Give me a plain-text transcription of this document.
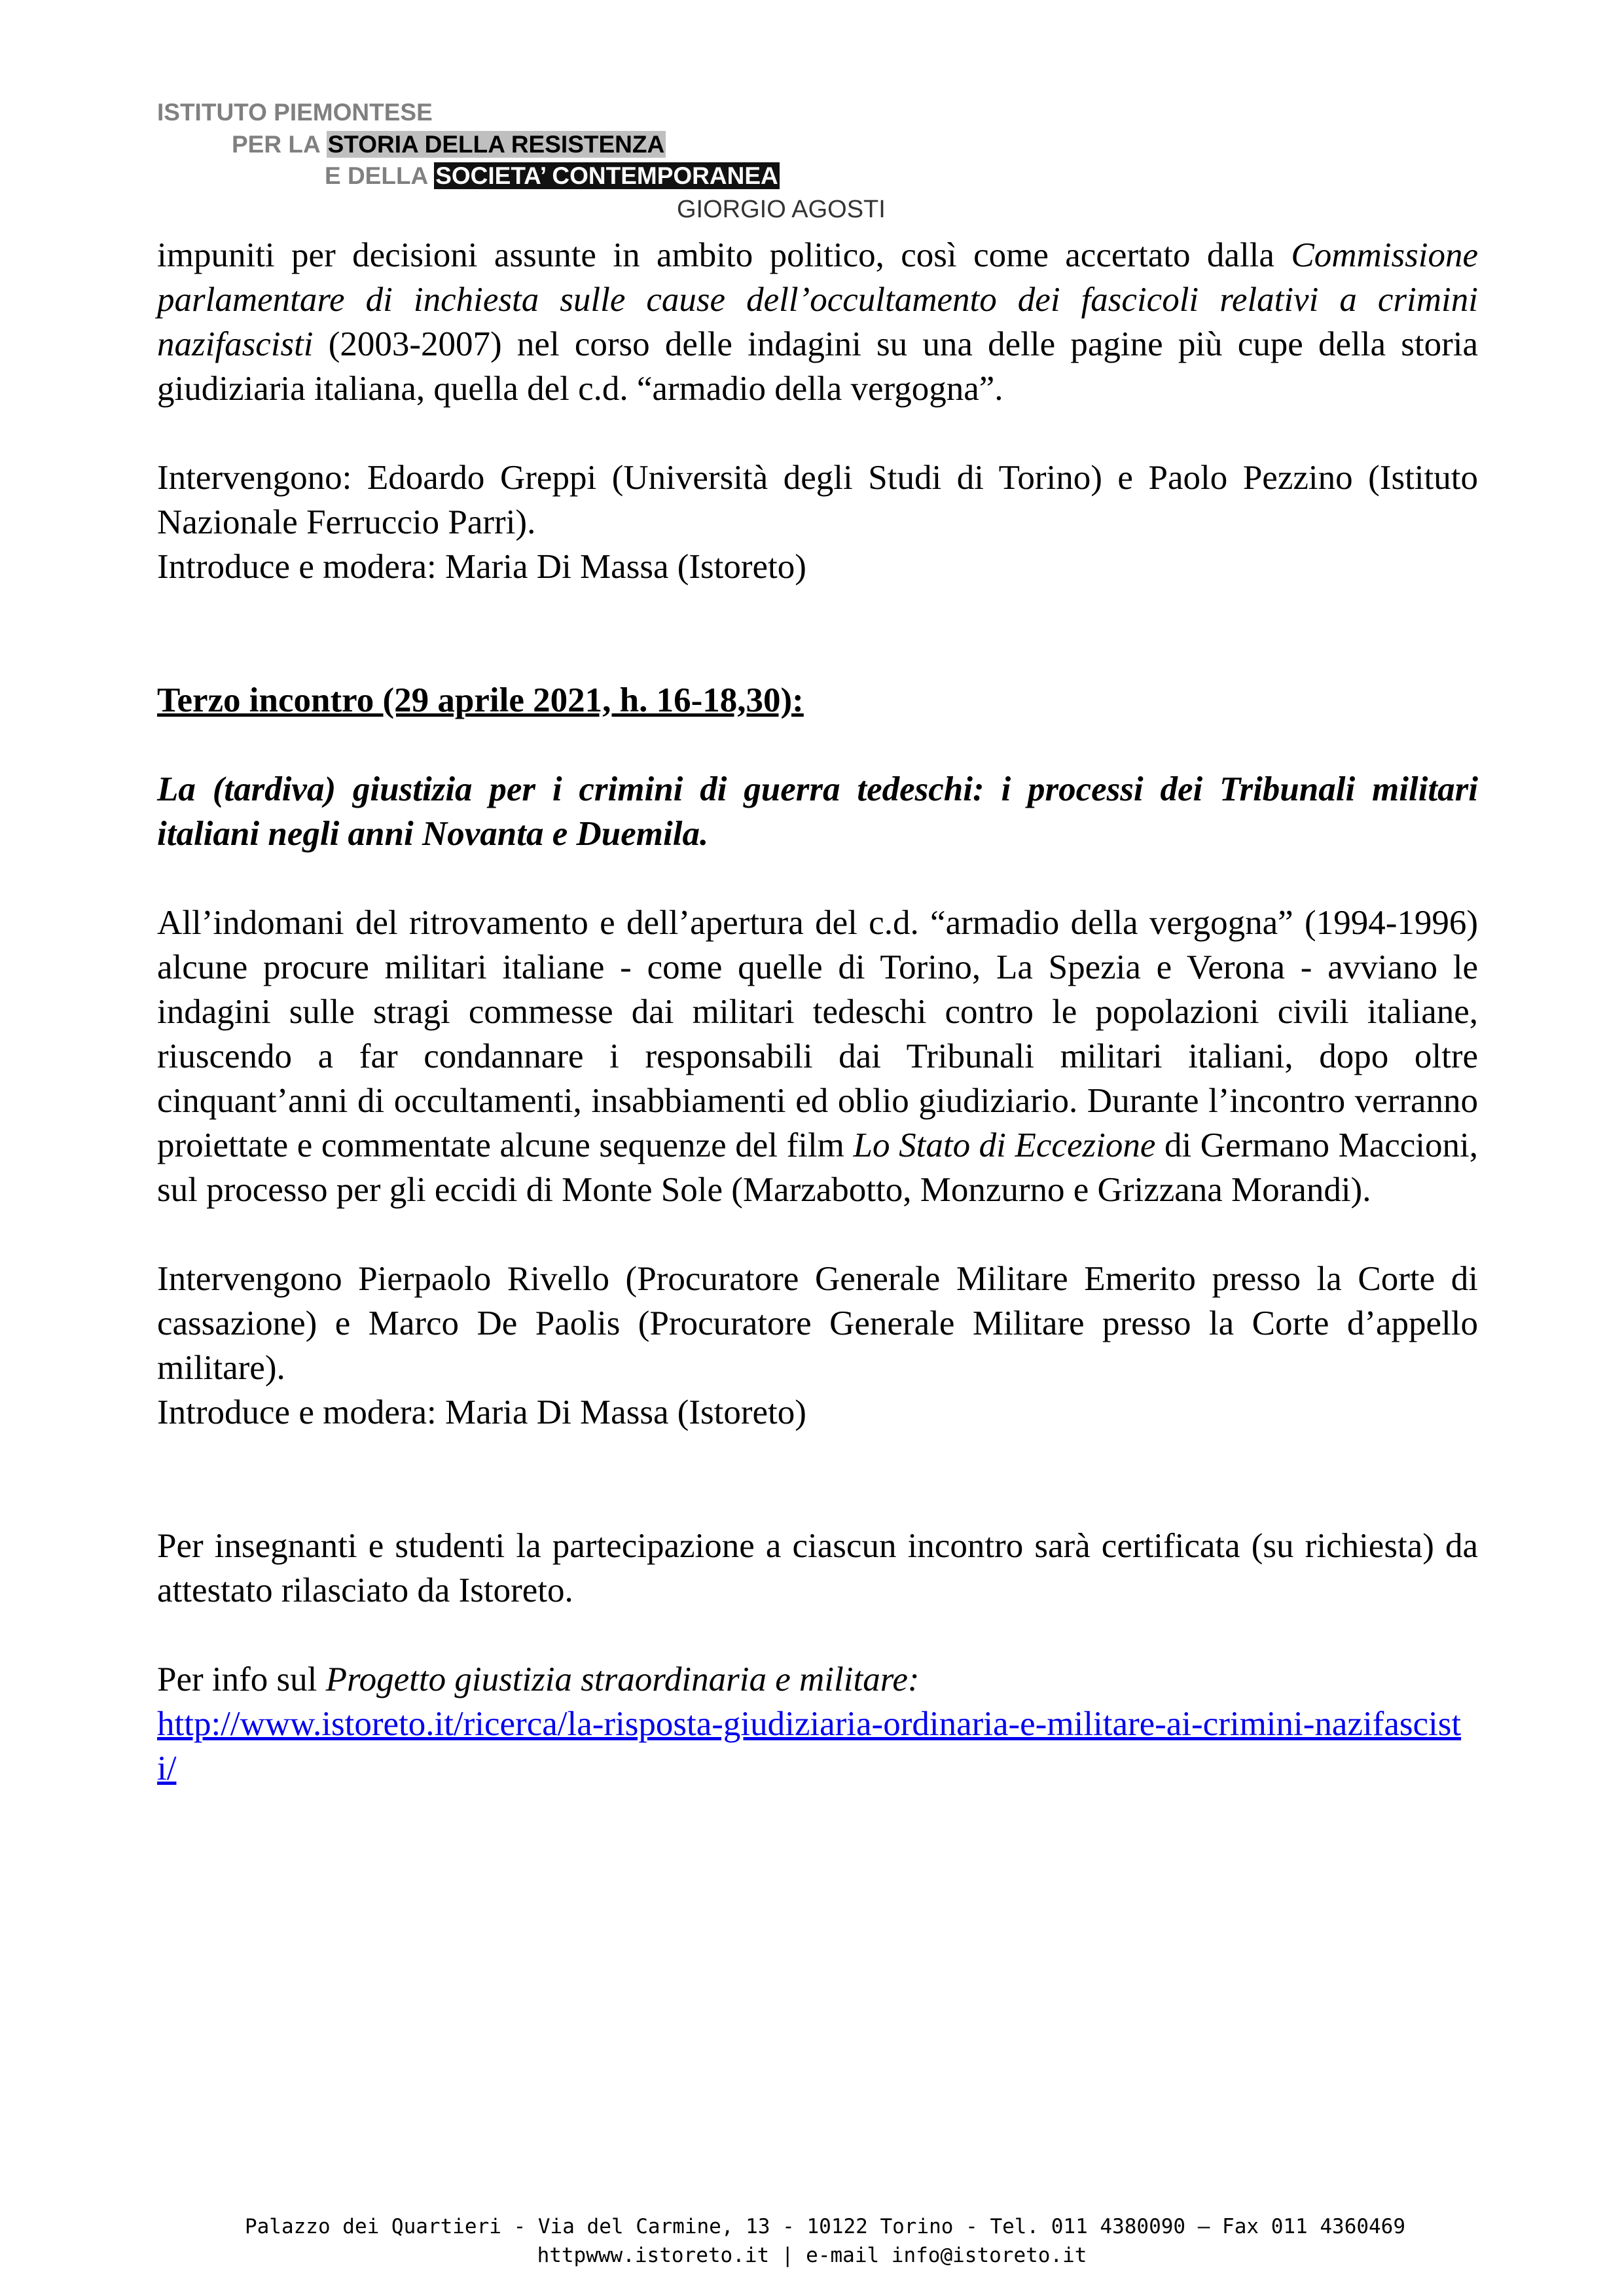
ISTITUTO PIEMONTESE
PER LA STORIA DELLA RESISTENZA
E DELLA SOCIETA’ CONTEMPORANEA
GIORGIO AGOSTI

impuniti per decisioni assunte in ambito politico, così come accertato dalla Commissione parlamentare di inchiesta sulle cause dell’occultamento dei fascicoli relativi a crimini nazifascisti (2003-2007) nel corso delle indagini su una delle pagine più cupe della storia giudiziaria italiana, quella del c.d. “armadio della vergogna”.

Intervengono: Edoardo Greppi (Università degli Studi di Torino) e Paolo Pezzino (Istituto Nazionale Ferruccio Parri).

Introduce e modera: Maria Di Massa (Istoreto)

Terzo incontro (29 aprile 2021, h. 16-18,30):

La (tardiva) giustizia per i crimini di guerra tedeschi: i processi dei Tribunali militari italiani negli anni Novanta e Duemila.

All’indomani del ritrovamento e dell’apertura del c.d. “armadio della vergogna” (1994-1996) alcune procure militari italiane - come quelle di Torino, La Spezia e Verona - avviano le indagini sulle stragi commesse dai militari tedeschi contro le popolazioni civili italiane, riuscendo a far condannare i responsabili dai Tribunali militari italiani, dopo oltre cinquant’anni di occultamenti, insabbiamenti ed oblio giudiziario. Durante l’incontro verranno proiettate e commentate alcune sequenze del film Lo Stato di Eccezione di Germano Maccioni, sul processo per gli eccidi di Monte Sole (Marzabotto, Monzurno e Grizzana Morandi).

Intervengono Pierpaolo Rivello (Procuratore Generale Militare Emerito presso la Corte di cassazione) e Marco De Paolis (Procuratore Generale Militare presso la Corte d’appello militare).

Introduce e modera: Maria Di Massa (Istoreto)

Per insegnanti e studenti la partecipazione a ciascun incontro sarà certificata (su richiesta) da attestato rilasciato da Istoreto.

Per info sul Progetto giustizia straordinaria e militare:
http://www.istoreto.it/ricerca/la-risposta-giudiziaria-ordinaria-e-militare-ai-crimini-nazifascisti/

Palazzo dei Quartieri - Via del Carmine, 13 - 10122 Torino - Tel. 011 4380090 – Fax 011 4360469
httpwww.istoreto.it | e-mail info@istoreto.it
